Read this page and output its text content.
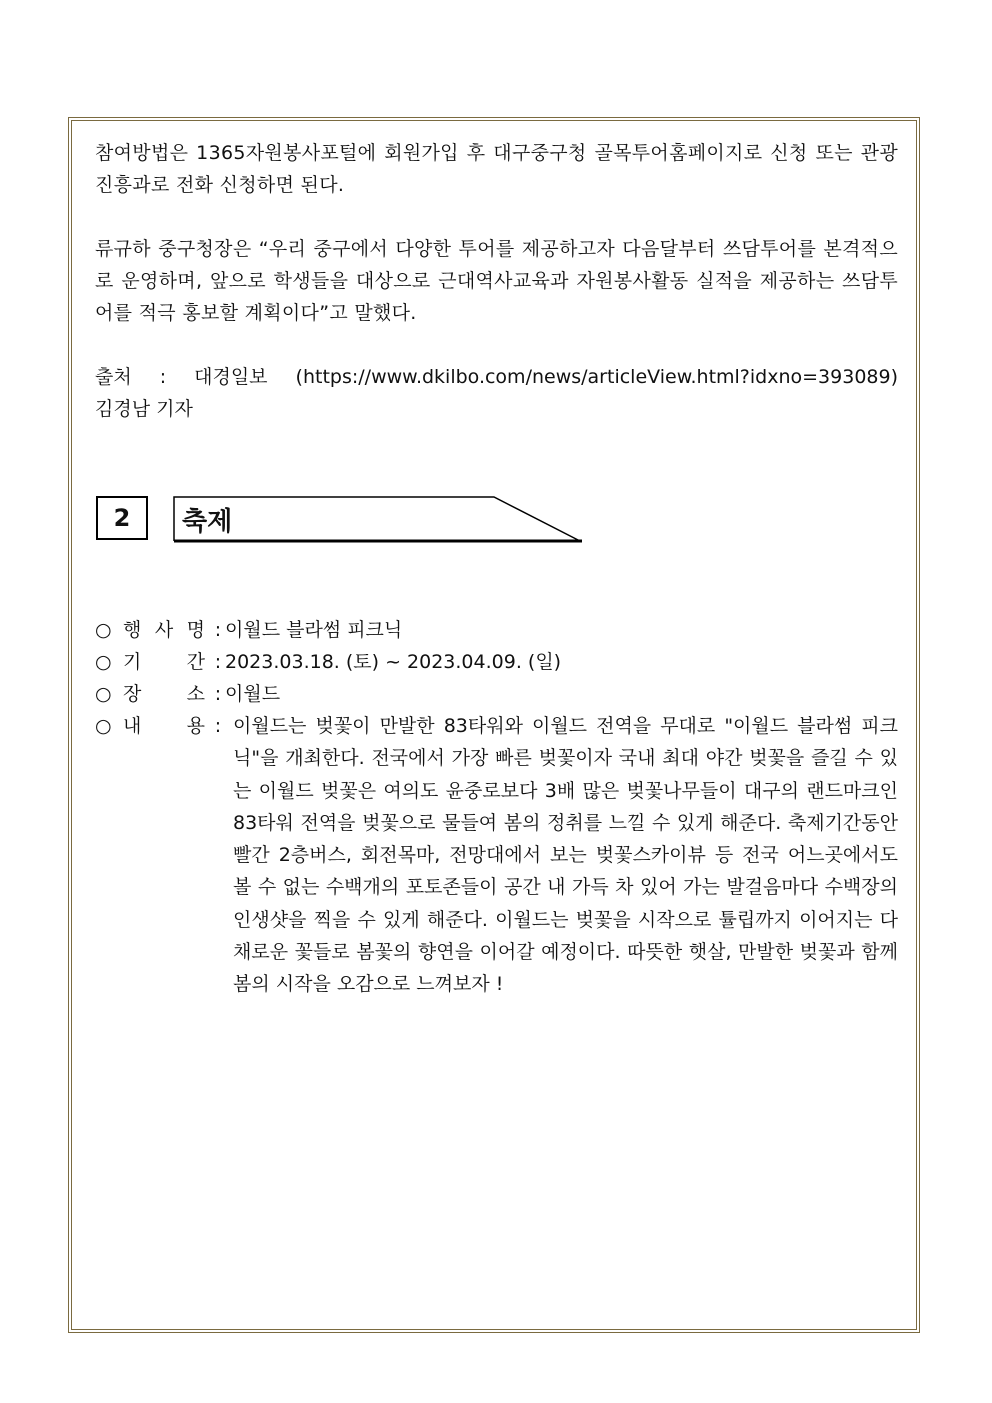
참여방법은 1365자원봉사포털에 회원가입 후 대구중구청 골목투어홈페이지로 신청 또는 관광진흥과로 전화 신청하면 된다.

류규하 중구청장은 “우리 중구에서 다양한 투어를 제공하고자 다음달부터 쓰담투어를 본격적으로 운영하며, 앞으로 학생들을 대상으로 근대역사교육과 자원봉사활동 실적을 제공하는 쓰담투어를 적극 홍보할 계획이다”고 말했다.

출처 : 대경일보 (https://www.dkilbo.com/news/articleView.html?idxno=393089)
김경남 기자
2	축제
○ 행 사 명 : 이월드 블라썸 피크닉
○ 기 간 : 2023.03.18. (토) ~ 2023.04.09. (일)
○ 장 소 : 이월드
○ 내 용 : 이월드는 벚꽃이 만발한 83타워와 이월드 전역을 무대로 "이월드 블라썸 피크닉"을 개최한다. 전국에서 가장 빠른 벚꽃이자 국내 최대 야간 벚꽃을 즐길 수 있는 이월드 벚꽃은 여의도 윤중로보다 3배 많은 벚꽃나무들이 대구의 랜드마크인 83타워 전역을 벚꽃으로 물들여 봄의 정취를 느낄 수 있게 해준다. 축제기간동안 빨간 2층버스, 회전목마, 전망대에서 보는 벚꽃스카이뷰 등 전국 어느곳에서도 볼 수 없는 수백개의 포토존들이 공간 내 가득 차 있어 가는 발걸음마다 수백장의 인생샷을 찍을 수 있게 해준다. 이월드는 벚꽃을 시작으로 튤립까지 이어지는 다채로운 꽃들로 봄꽃의 향연을 이어갈 예정이다. 따뜻한 햇살, 만발한 벚꽃과 함께 봄의 시작을 오감으로 느껴보자 !
